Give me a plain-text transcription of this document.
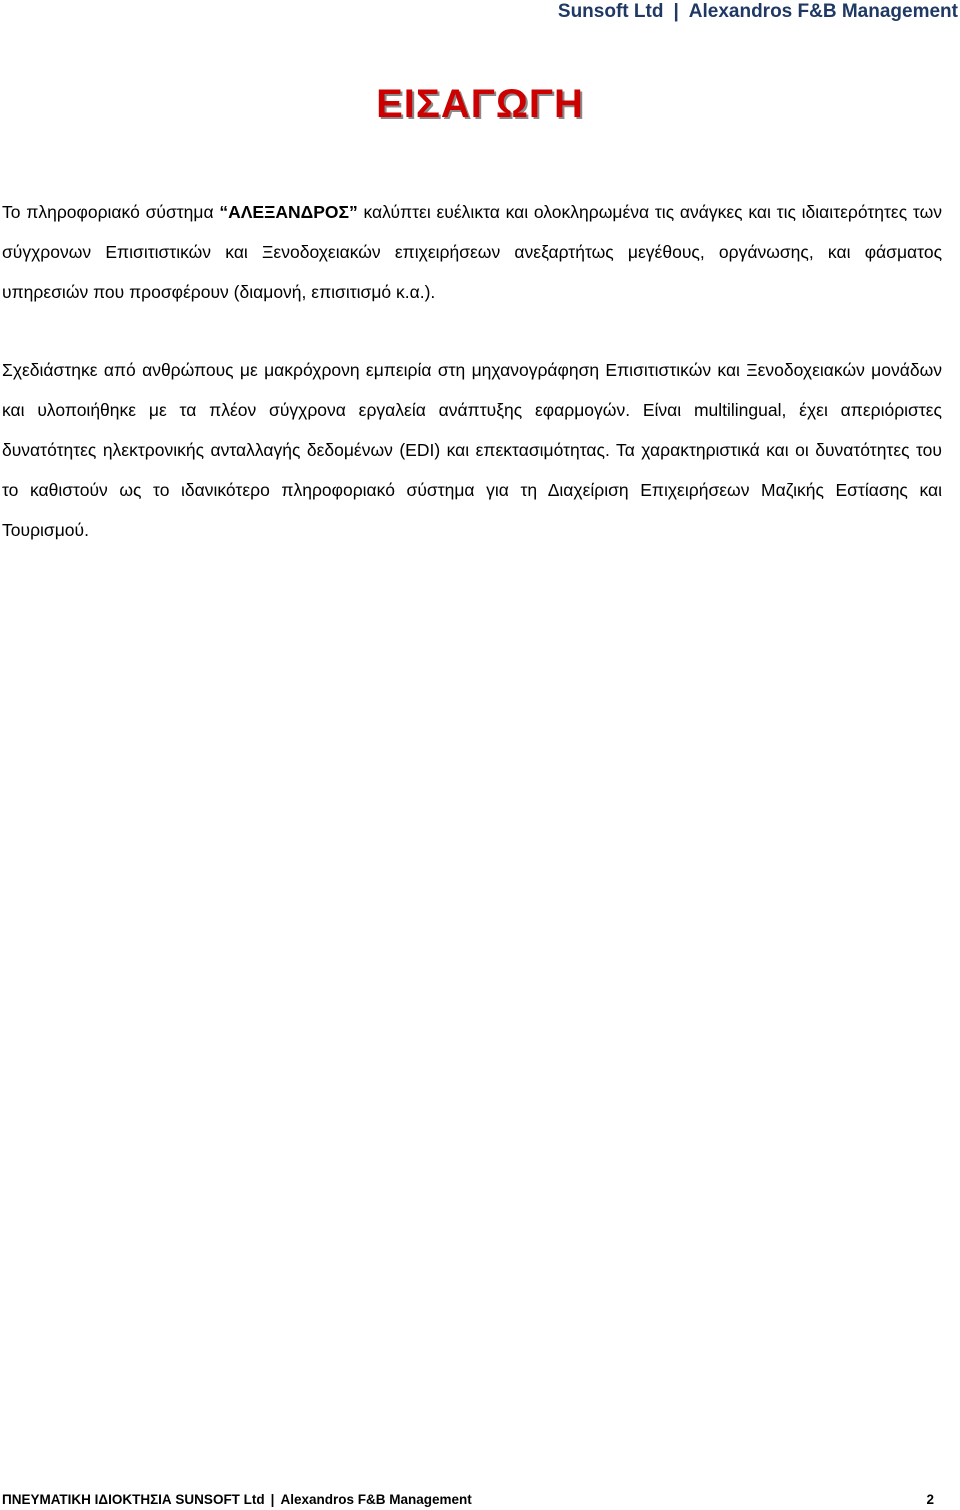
Sunsoft Ltd | Alexandros F&B Management
ΕΙΣΑΓΩΓΗ

Το πληροφοριακό σύστημα “ΑΛΕΞΑΝΔΡΟΣ” καλύπτει ευέλικτα και ολοκληρωμένα τις ανάγκες και τις ιδιαιτερότητες των σύγχρονων Επισιτιστικών και Ξενοδοχειακών επιχειρήσεων ανεξαρτήτως μεγέθους, οργάνωσης, και φάσματος υπηρεσιών που προσφέρουν (διαμονή, επισιτισμό κ.α.).

Σχεδιάστηκε από ανθρώπους με μακρόχρονη εμπειρία στη μηχανογράφηση Επισιτιστικών και Ξενοδοχειακών μονάδων και υλοποιήθηκε με τα πλέον σύγχρονα εργαλεία ανάπτυξης εφαρμογών. Είναι multilingual, έχει απεριόριστες δυνατότητες ηλεκτρονικής ανταλλαγής δεδομένων (EDI) και επεκτασιμότητας. Τα χαρακτηριστικά και οι δυνατότητες του το καθιστούν ως το ιδανικότερο πληροφοριακό σύστημα για τη Διαχείριση Επιχειρήσεων Μαζικής Εστίασης και Τουρισμού.

ΠΝΕΥΜΑΤΙΚΗ ΙΔΙΟΚΤΗΣΙΑ SUNSOFT Ltd | Alexandros F&B Management	2
